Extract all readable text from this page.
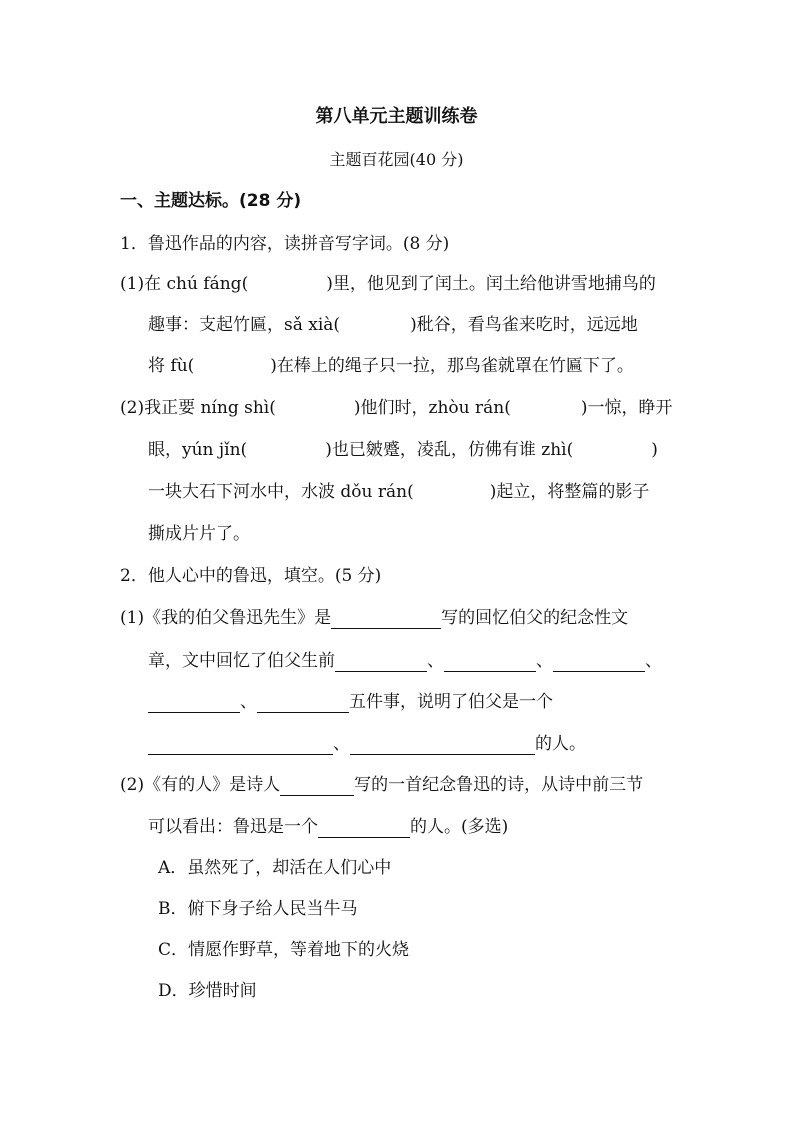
第八单元主题训练卷
主题百花园(40 分)
一、主题达标。(28 分)
1．鲁迅作品的内容，读拼音写字词。(8 分)
(1)在 chú fáng(	)里，他见到了闰土。闰土给他讲雪地捕鸟的
趣事：支起竹匾，sǎ xià(	)秕谷，看鸟雀来吃时，远远地
将 fù(	)在棒上的绳子只一拉，那鸟雀就罩在竹匾下了。
(2)我正要 níng shì(	)他们时，zhòu rán(	)一惊，睁开
眼，yún jǐn(	)也已皴蹙，凌乱，仿佛有谁 zhì(	)
一块大石下河水中，水波 dǒu rán(	)起立，将整篇的影子
撕成片片了。
2．他人心中的鲁迅，填空。(5 分)
(1)《我的伯父鲁迅先生》是	写的回忆伯父的纪念性文
章，文中回忆了伯父生前	、	、	、
、	五件事，说明了伯父是一个
、	的人。
(2)《有的人》是诗人	写的一首纪念鲁迅的诗，从诗中前三节
可以看出：鲁迅是一个	的人。(多选)
A．虽然死了，却活在人们心中
B．俯下身子给人民当牛马
C．情愿作野草，等着地下的火烧
D．珍惜时间
